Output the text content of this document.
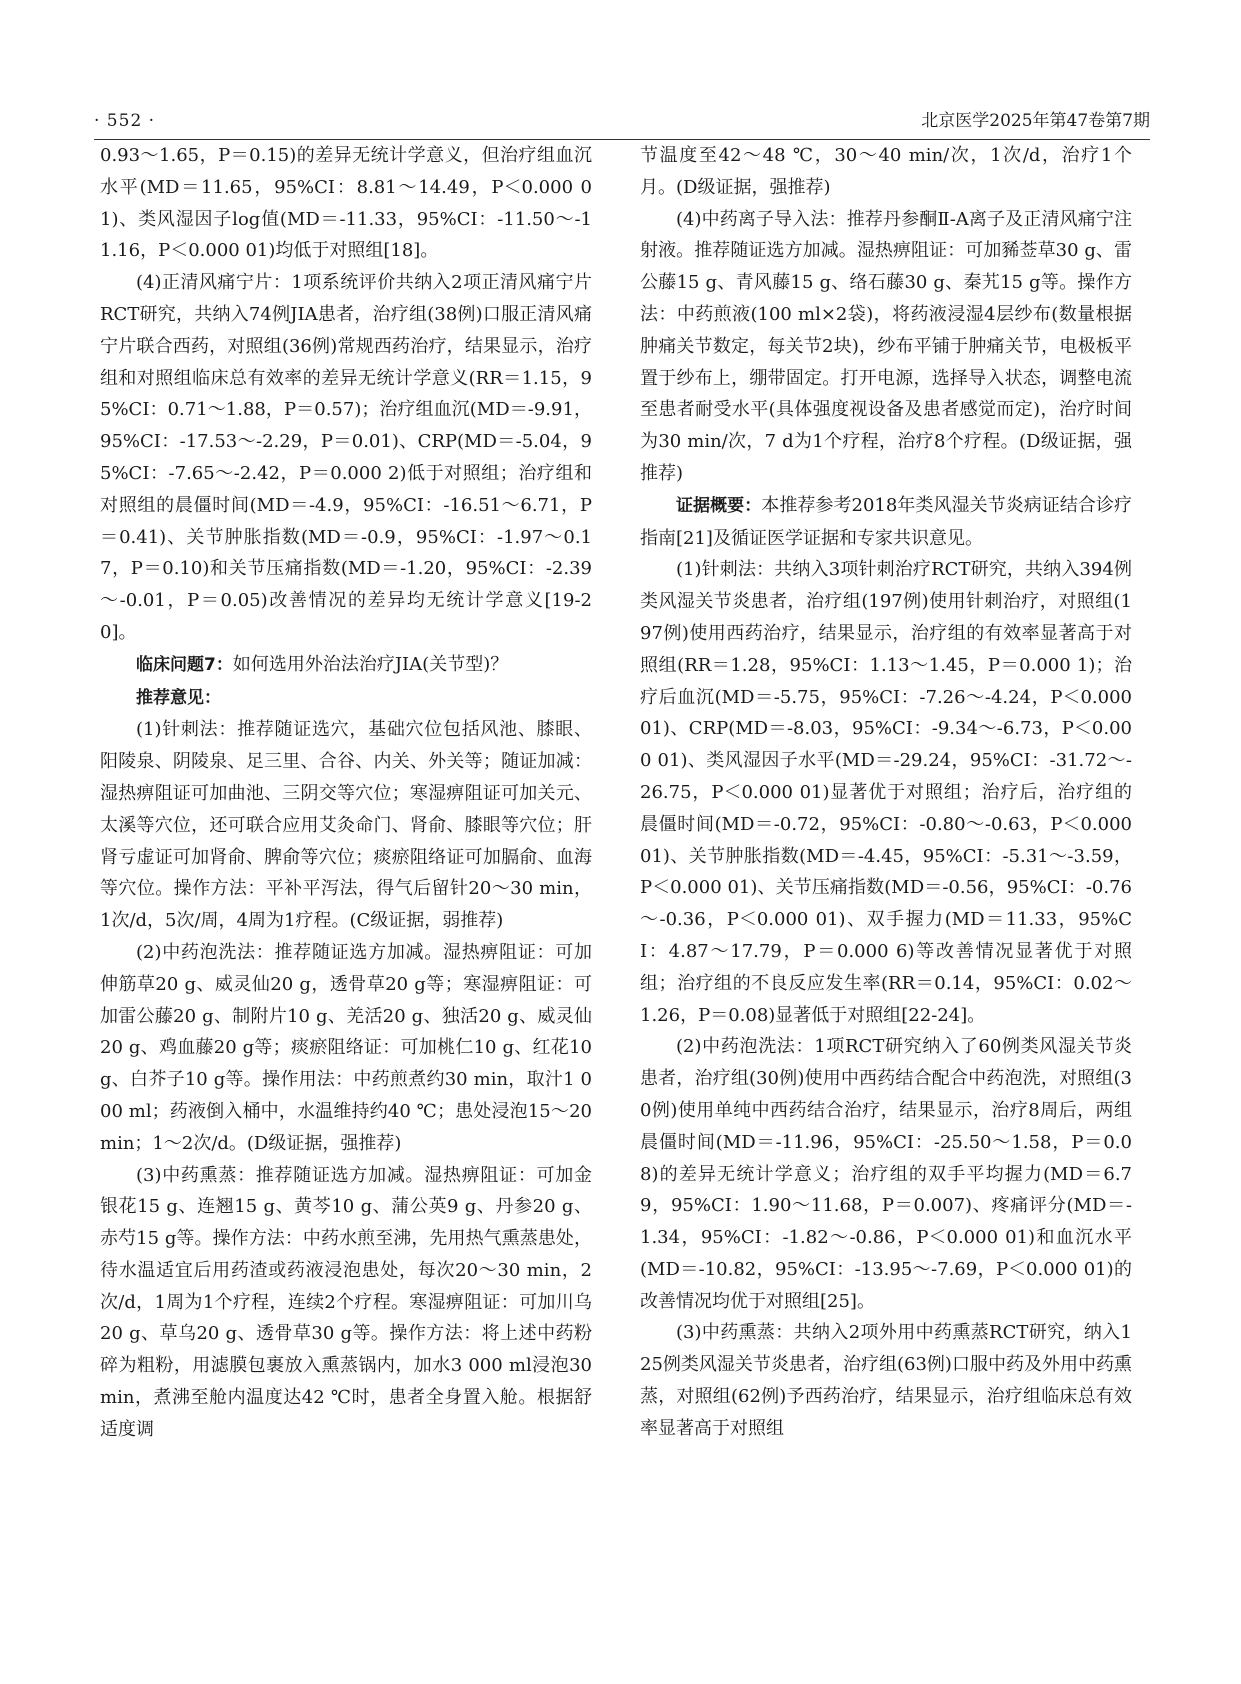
· 552 ·	北京医学2025年第47卷第7期

0.93～1.65，P＝0.15)的差异无统计学意义，但治疗组血沉水平(MD＝11.65，95%CI：8.81～14.49，P＜0.000 01)、类风湿因子log值(MD＝-11.33，95%CI：-11.50～-11.16，P＜0.000 01)均低于对照组[18]。

(4)正清风痛宁片：1项系统评价共纳入2项正清风痛宁片RCT研究，共纳入74例JIA患者，治疗组(38例)口服正清风痛宁片联合西药，对照组(36例)常规西药治疗，结果显示，治疗组和对照组临床总有效率的差异无统计学意义(RR＝1.15，95%CI：0.71～1.88，P＝0.57)；治疗组血沉(MD＝-9.91，95%CI：-17.53～-2.29，P＝0.01)、CRP(MD＝-5.04，95%CI：-7.65～-2.42，P＝0.000 2)低于对照组；治疗组和对照组的晨僵时间(MD＝-4.9，95%CI：-16.51～6.71，P＝0.41)、关节肿胀指数(MD＝-0.9，95%CI：-1.97～0.17，P＝0.10)和关节压痛指数(MD＝-1.20，95%CI：-2.39～-0.01，P＝0.05)改善情况的差异均无统计学意义[19-20]。

临床问题7：如何选用外治法治疗JIA(关节型)？

推荐意见：

(1)针刺法：推荐随证选穴，基础穴位包括风池、膝眼、阳陵泉、阴陵泉、足三里、合谷、内关、外关等；随证加减：湿热痹阻证可加曲池、三阴交等穴位；寒湿痹阻证可加关元、太溪等穴位，还可联合应用艾灸命门、肾俞、膝眼等穴位；肝肾亏虚证可加肾俞、脾俞等穴位；痰瘀阻络证可加膈俞、血海等穴位。操作方法：平补平泻法，得气后留针20～30 min，1次/d，5次/周，4周为1疗程。(C级证据，弱推荐)

(2)中药泡洗法：推荐随证选方加减。湿热痹阻证：可加伸筋草20 g、威灵仙20 g，透骨草20 g等；寒湿痹阻证：可加雷公藤20 g、制附片10 g、羌活20 g、独活20 g、威灵仙20 g、鸡血藤20 g等；痰瘀阻络证：可加桃仁10 g、红花10 g、白芥子10 g等。操作用法：中药煎煮约30 min，取汁1 000 ml；药液倒入桶中，水温维持约40 ℃；患处浸泡15～20 min；1～2次/d。(D级证据，强推荐)

(3)中药熏蒸：推荐随证选方加减。湿热痹阻证：可加金银花15 g、连翘15 g、黄芩10 g、蒲公英9 g、丹参20 g、赤芍15 g等。操作方法：中药水煎至沸，先用热气熏蒸患处，待水温适宜后用药渣或药液浸泡患处，每次20～30 min，2次/d，1周为1个疗程，连续2个疗程。寒湿痹阻证：可加川乌20 g、草乌20 g、透骨草30 g等。操作方法：将上述中药粉碎为粗粉，用滤膜包裹放入熏蒸锅内，加水3 000 ml浸泡30 min，煮沸至舱内温度达42 ℃时，患者全身置入舱。根据舒适度调

节温度至42～48 ℃，30～40 min/次，1次/d，治疗1个月。(D级证据，强推荐)

(4)中药离子导入法：推荐丹参酮Ⅱ-A离子及正清风痛宁注射液。推荐随证选方加减。湿热痹阻证：可加豨莶草30 g、雷公藤15 g、青风藤15 g、络石藤30 g、秦艽15 g等。操作方法：中药煎液(100 ml×2袋)，将药液浸湿4层纱布(数量根据肿痛关节数定，每关节2块)，纱布平铺于肿痛关节，电极板平置于纱布上，绷带固定。打开电源，选择导入状态，调整电流至患者耐受水平(具体强度视设备及患者感觉而定)，治疗时间为30 min/次，7 d为1个疗程，治疗8个疗程。(D级证据，强推荐)

证据概要：本推荐参考2018年类风湿关节炎病证结合诊疗指南[21]及循证医学证据和专家共识意见。

(1)针刺法：共纳入3项针刺治疗RCT研究，共纳入394例类风湿关节炎患者，治疗组(197例)使用针刺治疗，对照组(197例)使用西药治疗，结果显示，治疗组的有效率显著高于对照组(RR＝1.28，95%CI：1.13～1.45，P＝0.000 1)；治疗后血沉(MD＝-5.75，95%CI：-7.26～-4.24，P＜0.000 01)、CRP(MD＝-8.03，95%CI：-9.34～-6.73，P＜0.000 01)、类风湿因子水平(MD＝-29.24，95%CI：-31.72～-26.75，P＜0.000 01)显著优于对照组；治疗后，治疗组的晨僵时间(MD＝-0.72，95%CI：-0.80～-0.63，P＜0.000 01)、关节肿胀指数(MD＝-4.45，95%CI：-5.31～-3.59，P＜0.000 01)、关节压痛指数(MD＝-0.56，95%CI：-0.76～-0.36，P＜0.000 01)、双手握力(MD＝11.33，95%CI：4.87～17.79，P＝0.000 6)等改善情况显著优于对照组；治疗组的不良反应发生率(RR＝0.14，95%CI：0.02～1.26，P＝0.08)显著低于对照组[22-24]。

(2)中药泡洗法：1项RCT研究纳入了60例类风湿关节炎患者，治疗组(30例)使用中西药结合配合中药泡洗，对照组(30例)使用单纯中西药结合治疗，结果显示，治疗8周后，两组晨僵时间(MD＝-11.96，95%CI：-25.50～1.58，P＝0.08)的差异无统计学意义；治疗组的双手平均握力(MD＝6.79，95%CI：1.90～11.68，P＝0.007)、疼痛评分(MD＝-1.34，95%CI：-1.82～-0.86，P＜0.000 01)和血沉水平(MD＝-10.82，95%CI：-13.95～-7.69，P＜0.000 01)的改善情况均优于对照组[25]。

(3)中药熏蒸：共纳入2项外用中药熏蒸RCT研究，纳入125例类风湿关节炎患者，治疗组(63例)口服中药及外用中药熏蒸，对照组(62例)予西药治疗，结果显示，治疗组临床总有效率显著高于对照组
